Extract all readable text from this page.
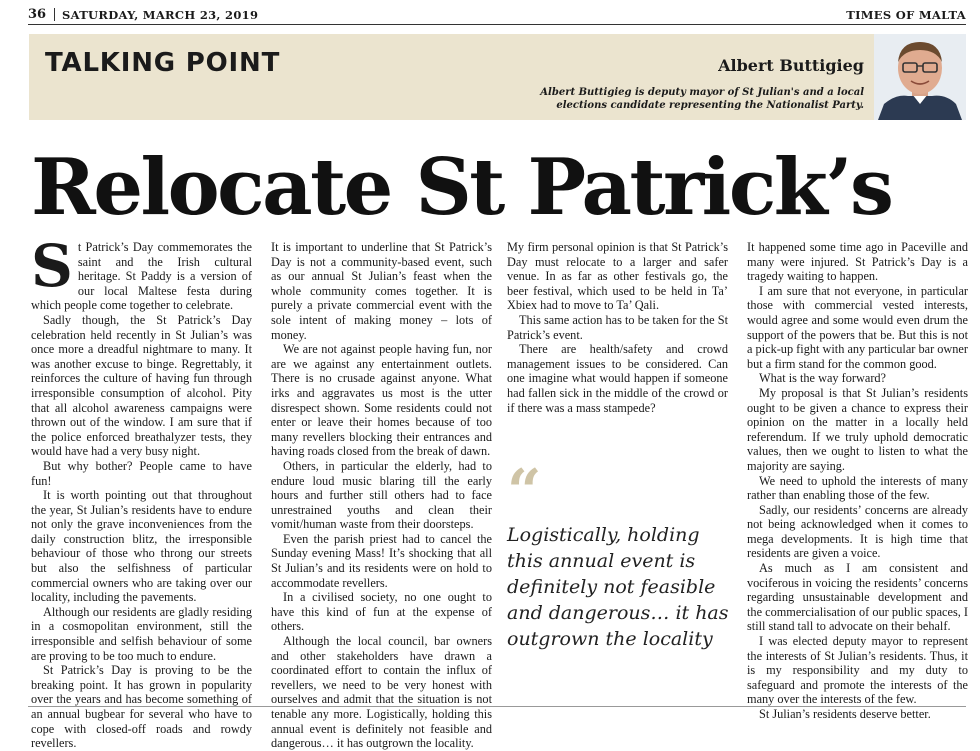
36 SATURDAY, MARCH 23, 2019	TIMES OF MALTA
TALKING POINT	Albert Buttigieg
Albert Buttigieg is deputy mayor of St Julian's and a local
elections candidate representing the Nationalist Party.
Relocate St Patrick’s

St Patrick’s Day commemorates the saint and the Irish cultural heritage. St Paddy is a version of our local Maltese festa during which people come together to celebrate.

Sadly though, the St Patrick’s Day celebration held recently in St Julian’s was once more a dreadful nightmare to many. It was another excuse to binge. Regrettably, it reinforces the culture of having fun through irresponsible consumption of alcohol. Pity that all alcohol awareness campaigns were thrown out of the window. I am sure that if the police enforced breathalyzer tests, they would have had a very busy night.

But why bother? People came to have fun!

It is worth pointing out that throughout the year, St Julian’s residents have to endure not only the grave inconveniences from the daily construction blitz, the irresponsible behaviour of those who throng our streets but also the selfishness of particular commercial owners who are taking over our locality, including the pavements.

Although our residents are gladly residing in a cosmopolitan environment, still the irresponsible and selfish behaviour of some are proving to be too much to endure.

St Patrick’s Day is proving to be the breaking point. It has grown in popularity over the years and has become something of an annual bugbear for several who have to cope with closed-off roads and rowdy revellers.

It is important to underline that St Patrick’s Day is not a community-based event, such as our annual St Julian’s feast when the whole community comes together. It is purely a private commercial event with the sole intent of making money – lots of money.

We are not against people having fun, nor are we against any entertainment outlets. There is no crusade against anyone. What irks and aggravates us most is the utter disrespect shown. Some residents could not enter or leave their homes because of too many revellers blocking their entrances and having roads closed from the break of dawn.

Others, in particular the elderly, had to endure loud music blaring till the early hours and further still others had to face unrestrained youths and clean their vomit/human waste from their doorsteps.

Even the parish priest had to cancel the Sunday evening Mass! It’s shocking that all St Julian’s and its residents were on hold to accommodate revellers.

In a civilised society, no one ought to have this kind of fun at the expense of others.

Although the local council, bar owners and other stakeholders have drawn a coordinated effort to contain the influx of revellers, we need to be very honest with ourselves and admit that the situation is not tenable any more. Logistically, holding this annual event is definitely not feasible and dangerous… it has outgrown the locality.

My firm personal opinion is that St Patrick’s Day must relocate to a larger and safer venue. In as far as other festivals go, the beer festival, which used to be held in Ta’ Xbiex had to move to Ta’ Qali.

This same action has to be taken for the St Patrick’s event.

There are health/safety and crowd management issues to be considered. Can one imagine what would happen if someone had fallen sick in the middle of the crowd or if there was a mass stampede?

It happened some time ago in Paceville and many were injured. St Patrick’s Day is a tragedy waiting to happen.

I am sure that not everyone, in particular those with commercial vested interests, would agree and some would even drum the support of the powers that be. But this is not a pick-up fight with any particular bar owner but a firm stand for the common good.

What is the way forward?

My proposal is that St Julian’s residents ought to be given a chance to express their opinion on the matter in a locally held referendum. If we truly uphold democratic values, then we ought to listen to what the majority are saying.

We need to uphold the interests of many rather than enabling those of the few.

Sadly, our residents’ concerns are already not being acknowledged when it comes to mega developments. It is high time that residents are given a voice.

As much as I am consistent and vociferous in voicing the residents’ concerns regarding unsustainable development and the commercialisation of our public spaces, I still stand tall to advocate on their behalf.

I was elected deputy mayor to represent the interests of St Julian’s residents. Thus, it is my responsibility and my duty to safeguard and promote the interests of the many over the interests of the few.

St Julian’s residents deserve better.

“
Logistically, holding this annual event is definitely not feasible and dangerous… it has outgrown the locality
